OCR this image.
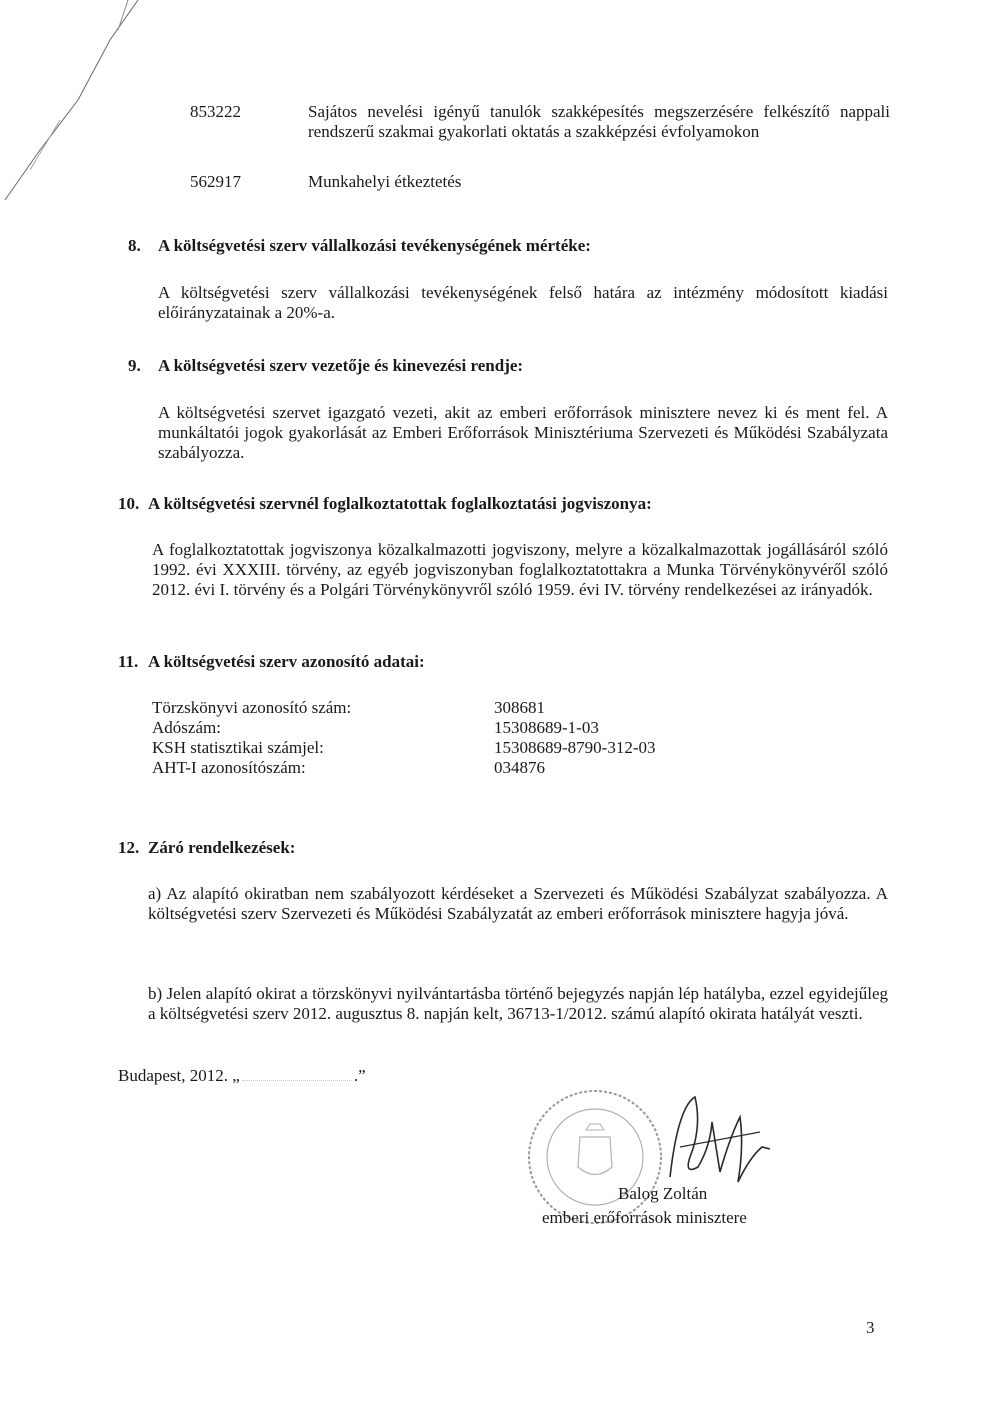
853222	Sajátos nevelési igényű tanulók szakképesítés megszerzésére felkészítő nappali rendszerű szakmai gyakorlati oktatás a szakképzési évfolyamokon
562917	Munkahelyi étkeztetés
8. A költségvetési szerv vállalkozási tevékenységének mértéke:
A költségvetési szerv vállalkozási tevékenységének felső határa az intézmény módosított kiadási előirányzatainak a 20%-a.
9. A költségvetési szerv vezetője és kinevezési rendje:
A költségvetési szervet igazgató vezeti, akit az emberi erőforrások minisztere nevez ki és ment fel. A munkáltatói jogok gyakorlását az Emberi Erőforrások Minisztériuma Szervezeti és Működési Szabályzata szabályozza.
10. A költségvetési szervnél foglalkoztatottak foglalkoztatási jogviszonya:
A foglalkoztatottak jogviszonya közalkalmazotti jogviszony, melyre a közalkalmazottak jogállásáról szóló 1992. évi XXXIII. törvény, az egyéb jogviszonyban foglalkoztatottakra a Munka Törvénykönyvéről szóló 2012. évi I. törvény és a Polgári Törvénykönyvről szóló 1959. évi IV. törvény rendelkezései az irányadók.
11. A költségvetési szerv azonosító adatai:
Törzskönyvi azonosító szám:	308681
Adószám:	15308689-1-03
KSH statisztikai számjel:	15308689-8790-312-03
AHT-I azonosítószám:	034876
12. Záró rendelkezések:
a) Az alapító okiratban nem szabályozott kérdéseket a Szervezeti és Működési Szabályzat szabályozza. A költségvetési szerv Szervezeti és Működési Szabályzatát az emberi erőforrások minisztere hagyja jóvá.
b) Jelen alapító okirat a törzskönyvi nyilvántartásba történő bejegyzés napján lép hatályba, ezzel egyidejűleg a költségvetési szerv 2012. augusztus 8. napján kelt, 36713-1/2012. számú alapító okirata hatályát veszti.
Budapest, 2012. „	.”
Balog Zoltán
emberi erőforrások minisztere
3
